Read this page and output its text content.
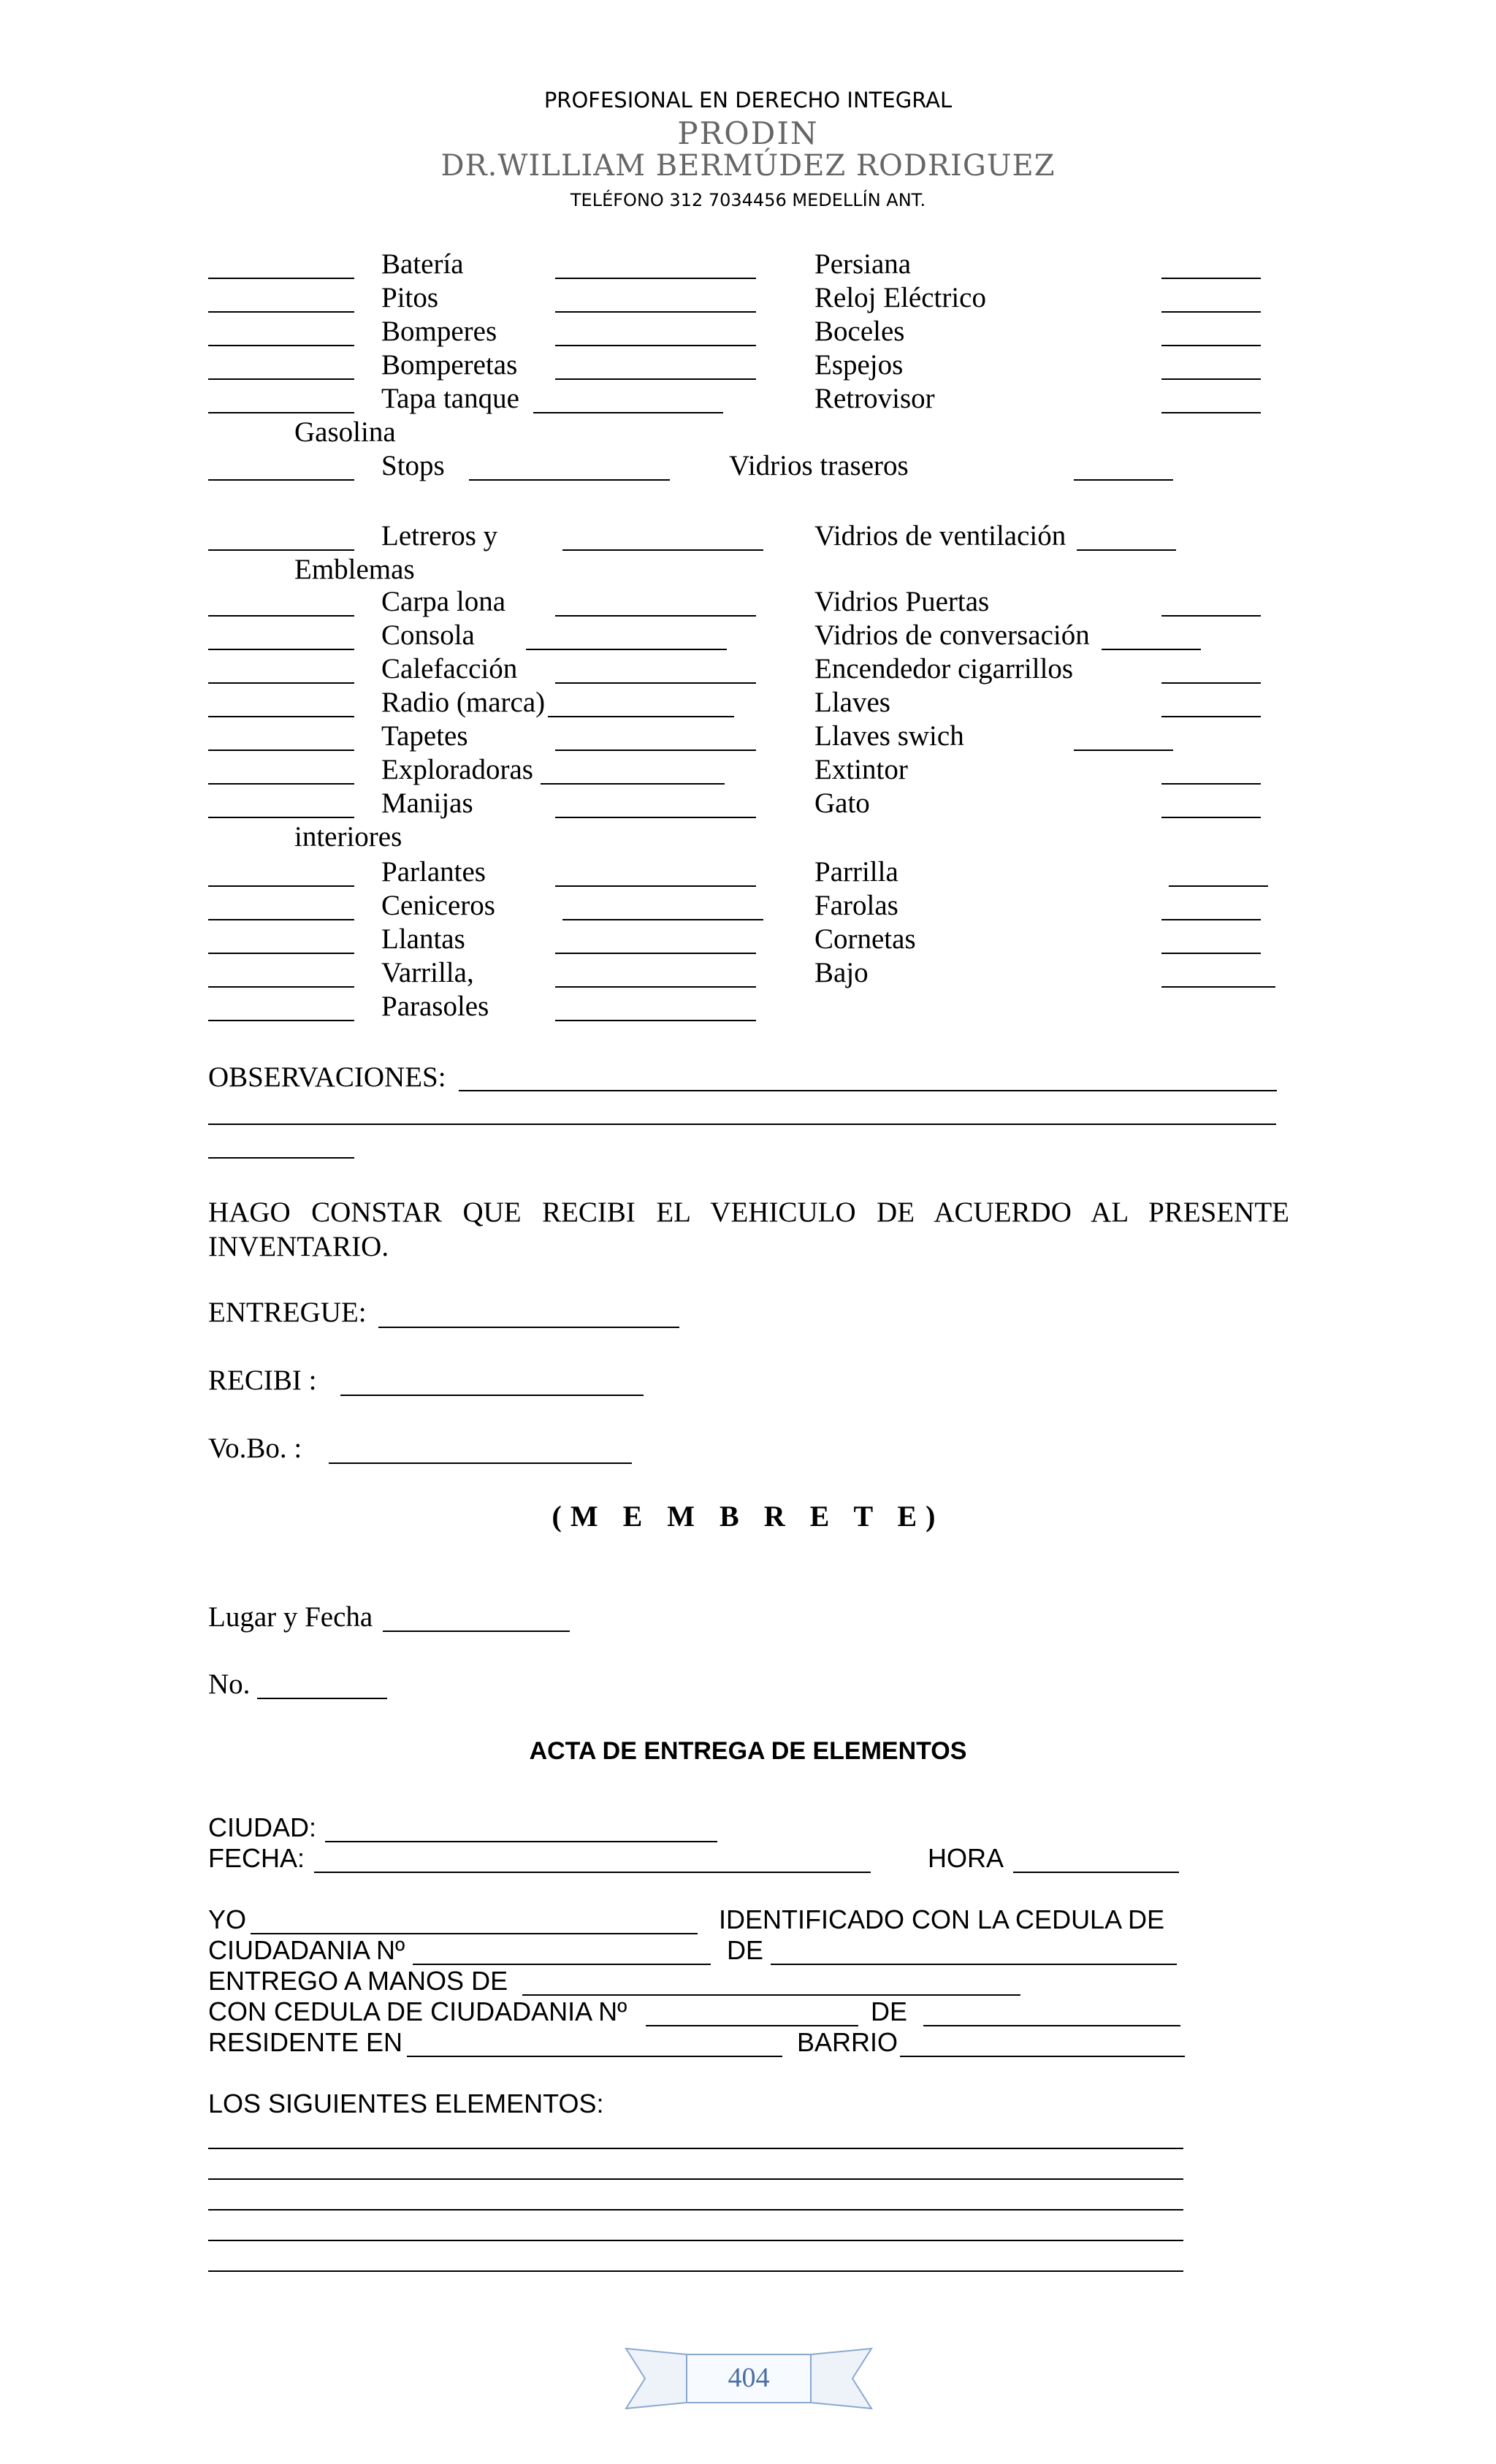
PROFESIONAL EN DERECHO INTEGRAL
PRODIN
DR.WILLIAM BERMÚDEZ RODRIGUEZ
TELÉFONO 312 7034456 MEDELLÍN ANT.
Batería	Persiana
Pitos	Reloj Eléctrico
Bomperes	Boceles
Bomperetas	Espejos
Tapa tanque	Retrovisor
Gasolina
Stops	Vidrios traseros
Letreros y	Vidrios de ventilación
Emblemas
Carpa lona	Vidrios Puertas
Consola	Vidrios de conversación
Calefacción	Encendedor cigarrillos
Radio (marca)	Llaves
Tapetes	Llaves swich
Exploradoras	Extintor
Manijas	Gato
interiores
Parlantes	Parrilla
Ceniceros	Farolas
Llantas	Cornetas
Varrilla,	Bajo
Parasoles
OBSERVACIONES:
HAGO CONSTAR QUE RECIBI EL VEHICULO DE ACUERDO AL PRESENTE
INVENTARIO.
ENTREGUE:
RECIBI :
Vo.Bo. :
(M E M B R E T E)
Lugar y Fecha
No.
ACTA DE ENTREGA DE ELEMENTOS
CIUDAD:
FECHA:	HORA
YO	IDENTIFICADO CON LA CEDULA DE
CIUDADANIA Nº	DE
ENTREGO A MANOS DE
CON CEDULA DE CIUDADANIA Nº	DE
RESIDENTE EN	BARRIO
LOS SIGUIENTES ELEMENTOS:
404
